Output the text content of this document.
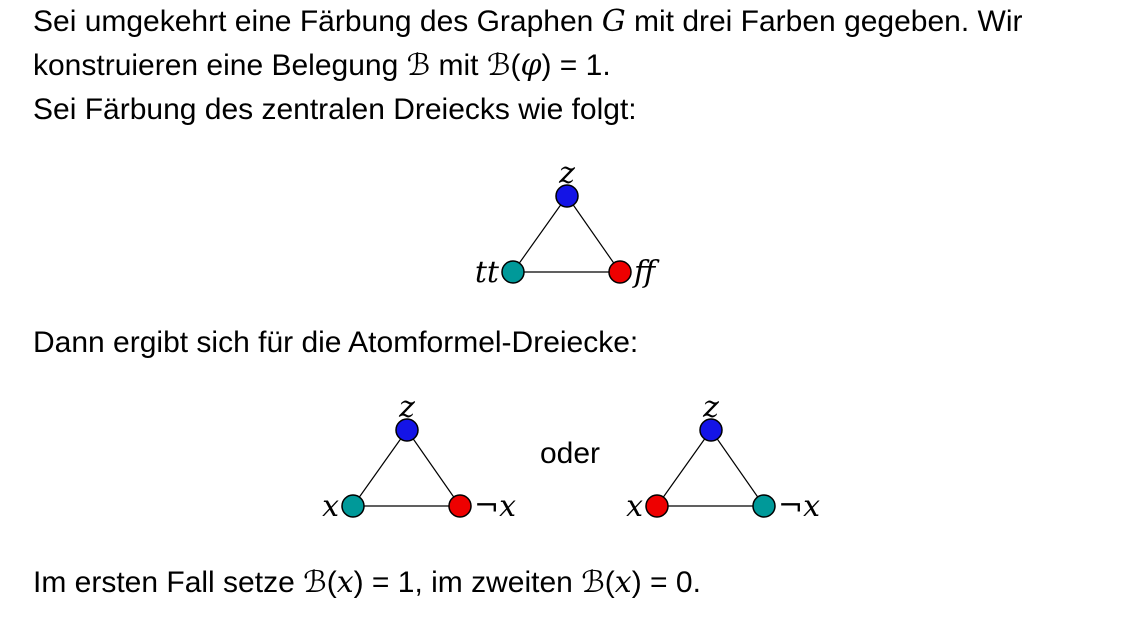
Sei umgekehrt eine Färbung des Graphen G mit drei Farben gegeben. Wir
konstruieren eine Belegung ℬ mit ℬ(φ) = 1.
Sei Färbung des zentralen Dreiecks wie folgt:
z
tt	ff
Dann ergibt sich für die Atomformel-Dreiecke:
z
x	¬x
oder
z
x	¬x
Im ersten Fall setze ℬ(x) = 1, im zweiten ℬ(x) = 0.
